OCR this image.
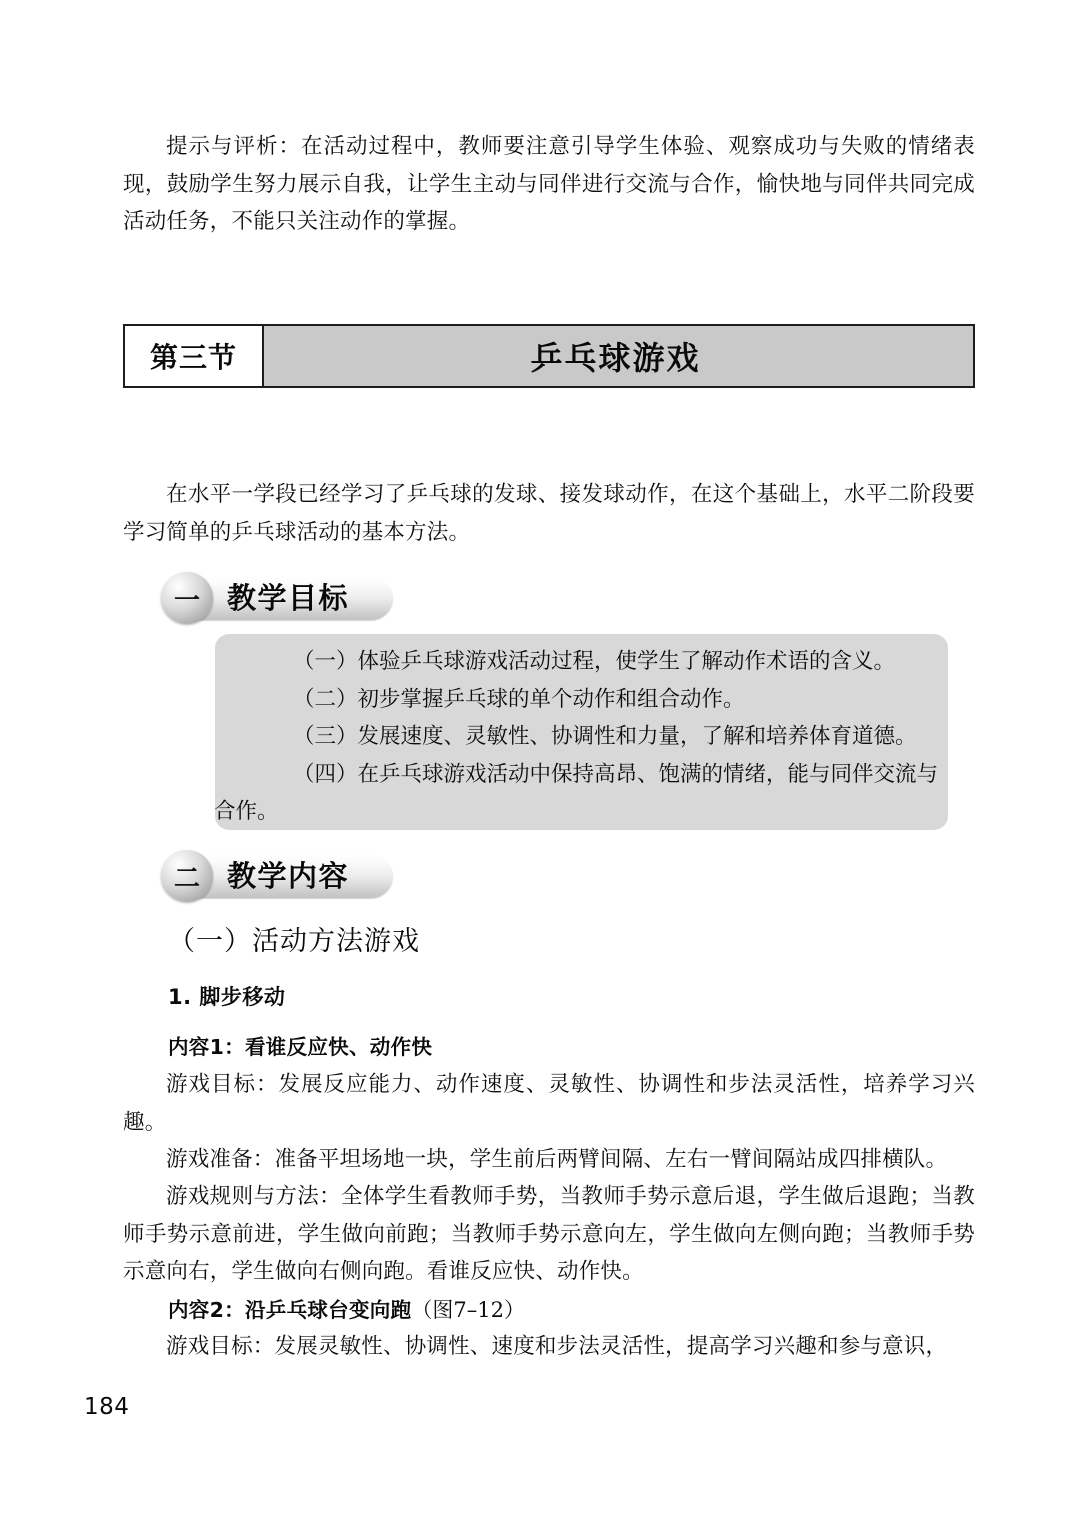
提示与评析：在活动过程中，教师要注意引导学生体验、观察成功与失败的情绪表现，鼓励学生努力展示自我，让学生主动与同伴进行交流与合作，愉快地与同伴共同完成活动任务，不能只关注动作的掌握。
第三节	乒乓球游戏
在水平一学段已经学习了乒乓球的发球、接发球动作，在这个基础上，水平二阶段要学习简单的乒乓球活动的基本方法。
一 教学目标
（一）体验乒乓球游戏活动过程，使学生了解动作术语的含义。
（二）初步掌握乒乓球的单个动作和组合动作。
（三）发展速度、灵敏性、协调性和力量，了解和培养体育道德。
（四）在乒乓球游戏活动中保持高昂、饱满的情绪，能与同伴交流与
合作。
二 教学内容
（一）活动方法游戏
1. 脚步移动
内容1：看谁反应快、动作快
游戏目标：发展反应能力、动作速度、灵敏性、协调性和步法灵活性，培养学习兴趣。
游戏准备：准备平坦场地一块，学生前后两臂间隔、左右一臂间隔站成四排横队。
游戏规则与方法：全体学生看教师手势，当教师手势示意后退，学生做后退跑；当教师手势示意前进，学生做向前跑；当教师手势示意向左，学生做向左侧向跑；当教师手势示意向右，学生做向右侧向跑。看谁反应快、动作快。
内容2：沿乒乓球台变向跑（图7–12）
游戏目标：发展灵敏性、协调性、速度和步法灵活性，提高学习兴趣和参与意识，
184
